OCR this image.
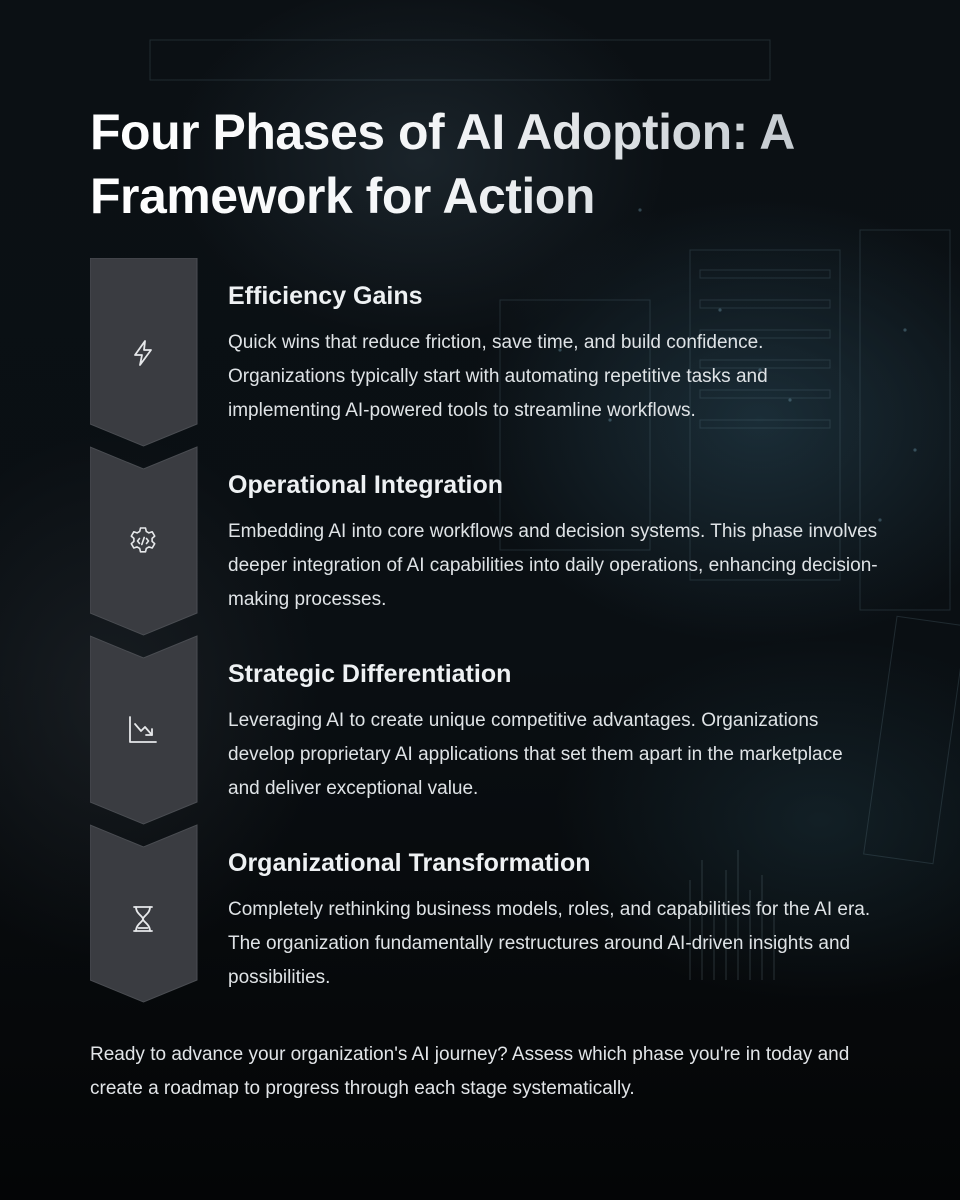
Four Phases of AI Adoption: A Framework for Action
Efficiency Gains

Quick wins that reduce friction, save time, and build confidence. Organizations typically start with automating repetitive tasks and implementing AI-powered tools to streamline workflows.

Operational Integration

Embedding AI into core workflows and decision systems. This phase involves deeper integration of AI capabilities into daily operations, enhancing decision-making processes.

Strategic Differentiation

Leveraging AI to create unique competitive advantages. Organizations develop proprietary AI applications that set them apart in the marketplace and deliver exceptional value.

Organizational Transformation

Completely rethinking business models, roles, and capabilities for the AI era. The organization fundamentally restructures around AI-driven insights and possibilities.

Ready to advance your organization's AI journey? Assess which phase you're in today and create a roadmap to progress through each stage systematically.
